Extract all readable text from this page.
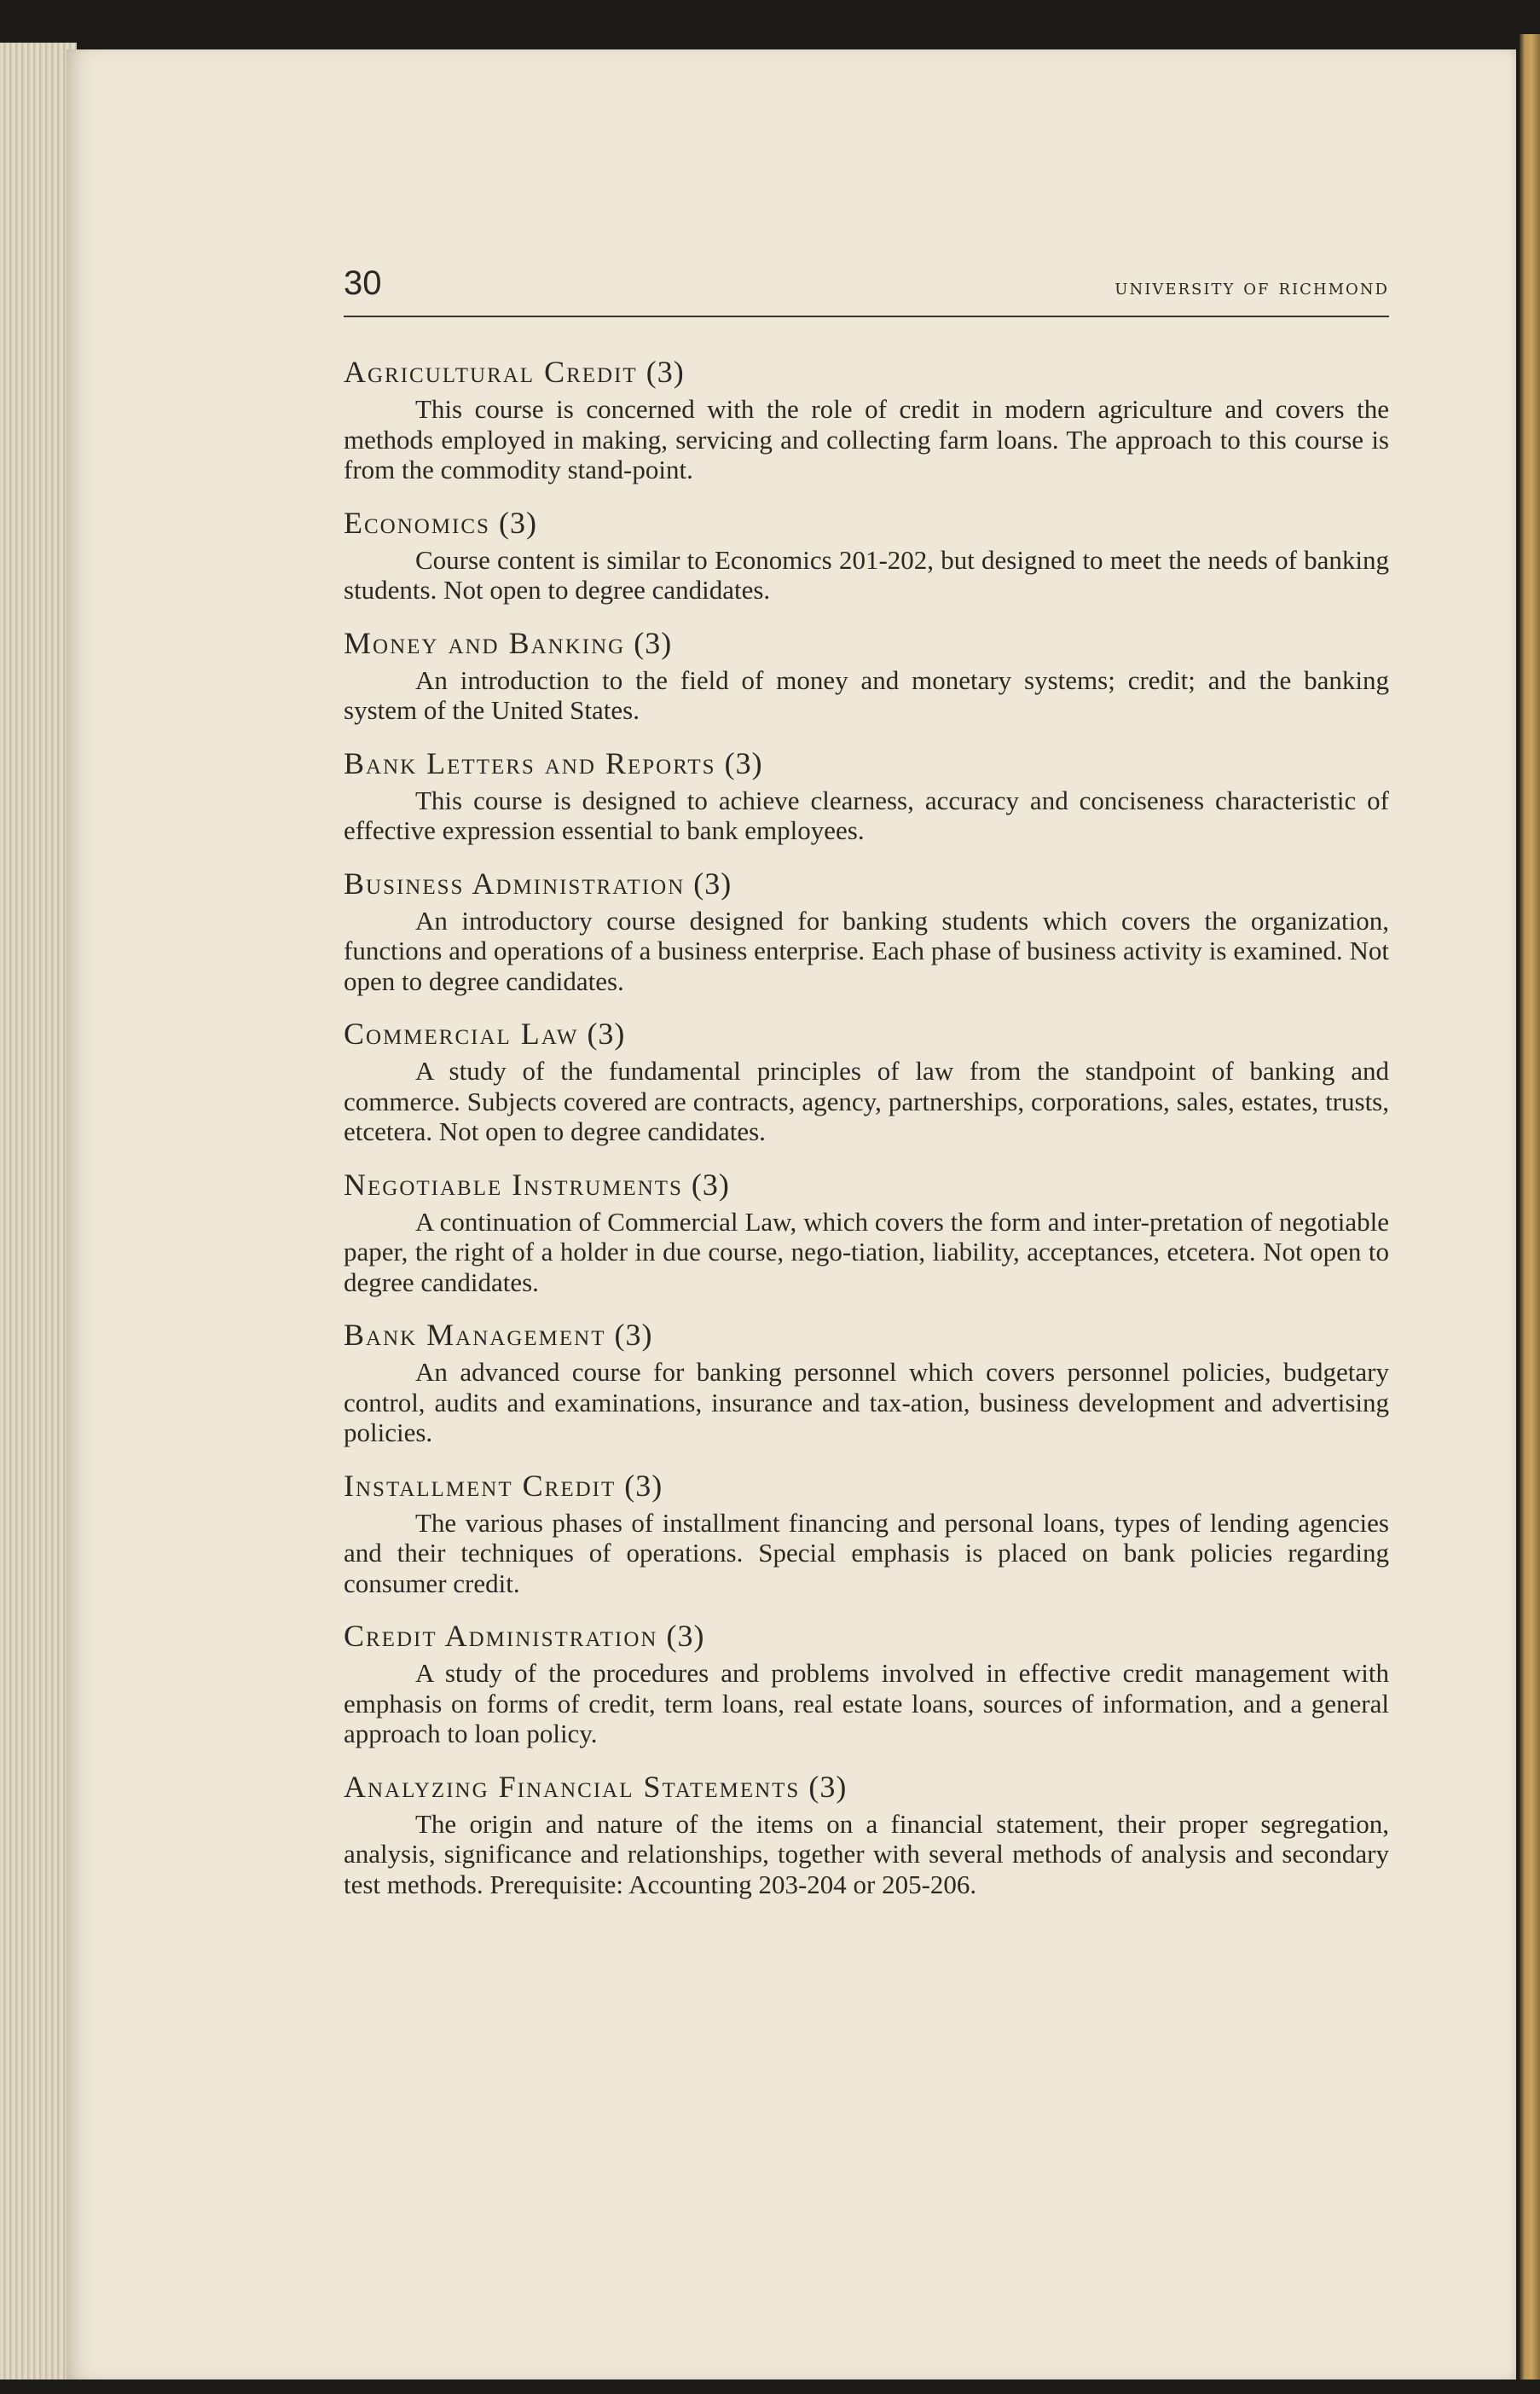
30	university of richmond
Agricultural Credit (3)

This course is concerned with the role of credit in modern agriculture and covers the methods employed in making, servicing and collecting farm loans. The approach to this course is from the commodity stand-point.

Economics (3)

Course content is similar to Economics 201-202, but designed to meet the needs of banking students. Not open to degree candidates.

Money and Banking (3)

An introduction to the field of money and monetary systems; credit; and the banking system of the United States.

Bank Letters and Reports (3)

This course is designed to achieve clearness, accuracy and conciseness characteristic of effective expression essential to bank employees.

Business Administration (3)

An introductory course designed for banking students which covers the organization, functions and operations of a business enterprise. Each phase of business activity is examined. Not open to degree candidates.

Commercial Law (3)

A study of the fundamental principles of law from the standpoint of banking and commerce. Subjects covered are contracts, agency, partnerships, corporations, sales, estates, trusts, etcetera. Not open to degree candidates.

Negotiable Instruments (3)

A continuation of Commercial Law, which covers the form and inter-pretation of negotiable paper, the right of a holder in due course, nego-tiation, liability, acceptances, etcetera. Not open to degree candidates.

Bank Management (3)

An advanced course for banking personnel which covers personnel policies, budgetary control, audits and examinations, insurance and tax-ation, business development and advertising policies.

Installment Credit (3)

The various phases of installment financing and personal loans, types of lending agencies and their techniques of operations. Special emphasis is placed on bank policies regarding consumer credit.

Credit Administration (3)

A study of the procedures and problems involved in effective credit management with emphasis on forms of credit, term loans, real estate loans, sources of information, and a general approach to loan policy.

Analyzing Financial Statements (3)

The origin and nature of the items on a financial statement, their proper segregation, analysis, significance and relationships, together with several methods of analysis and secondary test methods. Prerequisite: Accounting 203-204 or 205-206.
